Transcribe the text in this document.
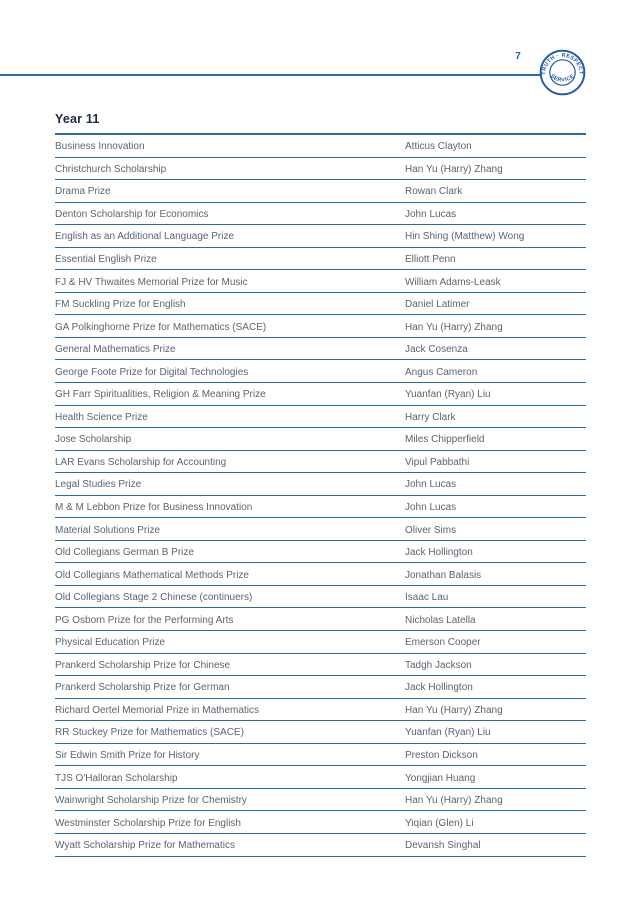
7
TRUTH · RESPECT
· SERVICE ·
Year 11
Business Innovation	Atticus Clayton
Christchurch Scholarship	Han Yu (Harry) Zhang
Drama Prize	Rowan Clark
Denton Scholarship for Economics	John Lucas
English as an Additional Language Prize	Hin Shing (Matthew) Wong
Essential English Prize	Elliott Penn
FJ & HV Thwaites Memorial Prize for Music	William Adams-Leask
FM Suckling Prize for English	Daniel Latimer
GA Polkinghorne Prize for Mathematics (SACE)	Han Yu (Harry) Zhang
General Mathematics Prize	Jack Cosenza
George Foote Prize for Digital Technologies	Angus Cameron
GH Farr Spiritualities, Religion & Meaning Prize	Yuanfan (Ryan) Liu
Health Science Prize	Harry Clark
Jose Scholarship	Miles Chipperfield
LAR Evans Scholarship for Accounting	Vipul Pabbathi
Legal Studies Prize	John Lucas
M & M Lebbon Prize for Business Innovation	John Lucas
Material Solutions Prize	Oliver Sims
Old Collegians German B Prize	Jack Hollington
Old Collegians Mathematical Methods Prize	Jonathan Balasis
Old Collegians Stage 2 Chinese (continuers)	Isaac Lau
PG Osborn Prize for the Performing Arts	Nicholas Latella
Physical Education Prize	Emerson Cooper
Prankerd Scholarship Prize for Chinese	Tadgh Jackson
Prankerd Scholarship Prize for German	Jack Hollington
Richard Oertel Memorial Prize in Mathematics	Han Yu (Harry) Zhang
RR Stuckey Prize for Mathematics (SACE)	Yuanfan (Ryan) Liu
Sir Edwin Smith Prize for History	Preston Dickson
TJS O'Halloran Scholarship	Yongjian Huang
Wainwright Scholarship Prize for Chemistry	Han Yu (Harry) Zhang
Westminster Scholarship Prize for English	Yiqian (Glen) Li
Wyatt Scholarship Prize for Mathematics	Devansh Singhal
